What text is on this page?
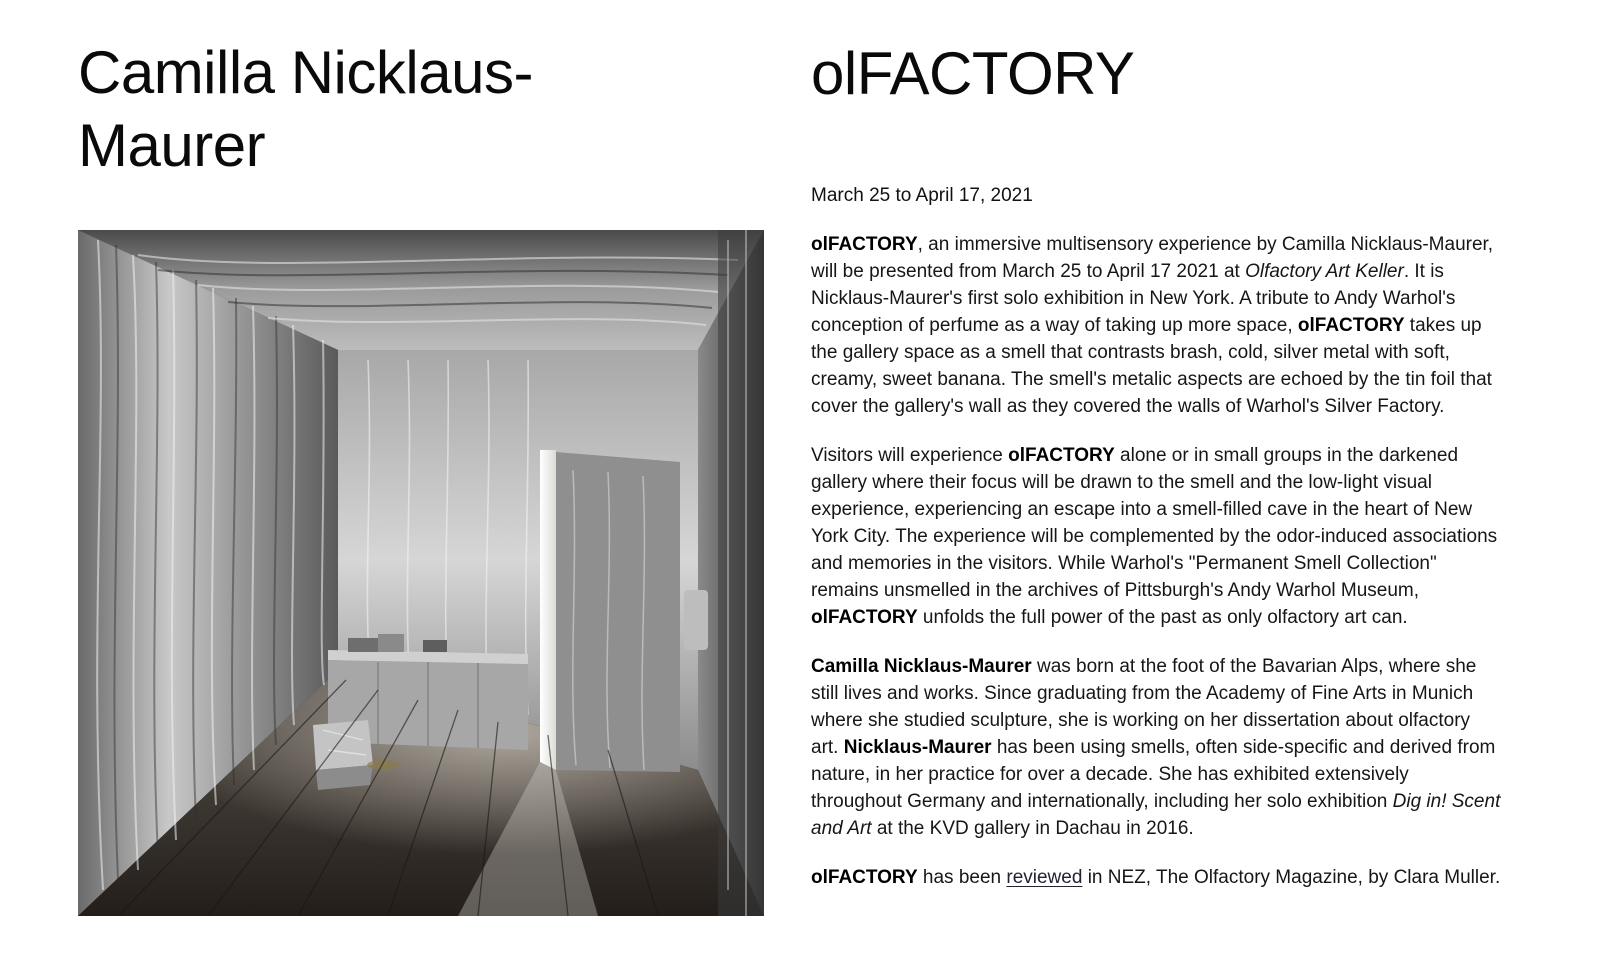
Camilla Nicklaus-Maurer
olFACTORY

March 25 to April 17, 2021

olFACTORY, an immersive multisensory experience by Camilla Nicklaus-Maurer, will be presented from March 25 to April 17 2021 at Olfactory Art Keller. It is Nicklaus-Maurer's first solo exhibition in New York. A tribute to Andy Warhol's conception of perfume as a way of taking up more space, olFACTORY takes up the gallery space as a smell that contrasts brash, cold, silver metal with soft, creamy, sweet banana. The smell's metalic aspects are echoed by the tin foil that cover the gallery's wall as they covered the walls of Warhol's Silver Factory.

Visitors will experience olFACTORY alone or in small groups in the darkened gallery where their focus will be drawn to the smell and the low-light visual experience, experiencing an escape into a smell-filled cave in the heart of New York City. The experience will be complemented by the odor-induced associations and memories in the visitors. While Warhol's "Permanent Smell Collection" remains unsmelled in the archives of Pittsburgh's Andy Warhol Museum, olFACTORY unfolds the full power of the past as only olfactory art can.

Camilla Nicklaus-Maurer was born at the foot of the Bavarian Alps, where she still lives and works. Since graduating from the Academy of Fine Arts in Munich where she studied sculpture, she is working on her dissertation about olfactory art. Nicklaus-Maurer has been using smells, often side-specific and derived from nature, in her practice for over a decade. She has exhibited extensively throughout Germany and internationally, including her solo exhibition Dig in! Scent and Art at the KVD gallery in Dachau in 2016.

olFACTORY has been reviewed in NEZ, The Olfactory Magazine, by Clara Muller.
